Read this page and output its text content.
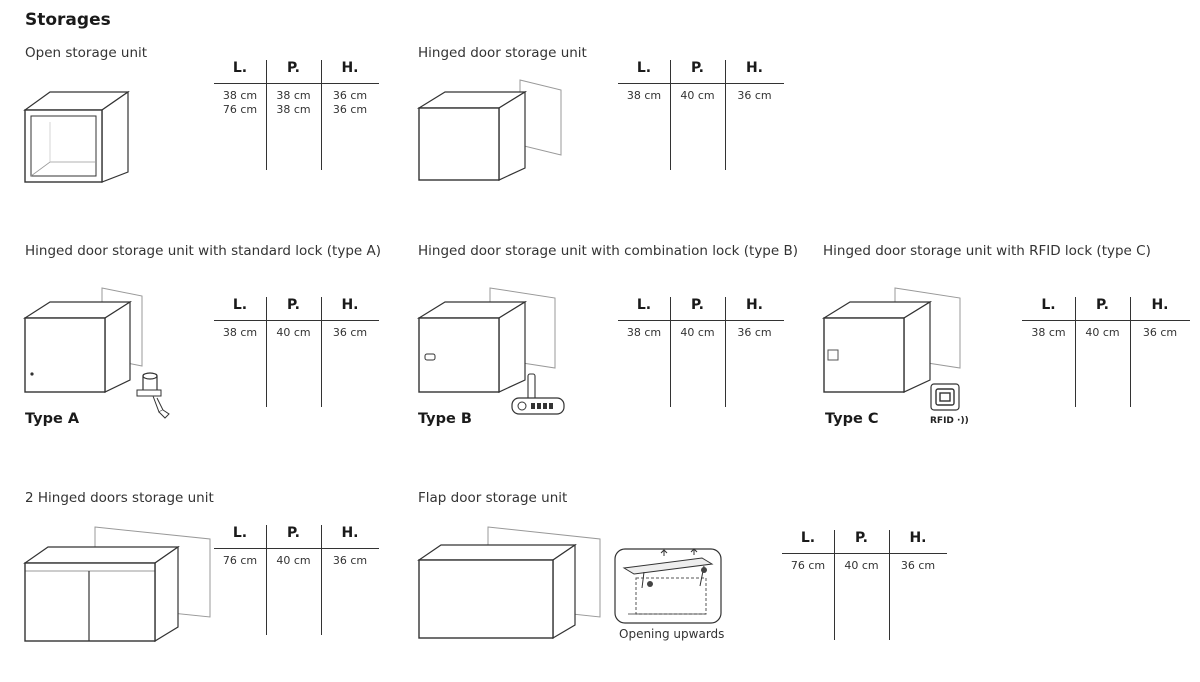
Storages
Open storage unit
L.	P.	H.
38 cm	38 cm	36 cm
76 cm	38 cm	36 cm
Hinged door storage unit
L.	P.	H.
38 cm	40 cm	36 cm
Hinged door storage unit with standard lock (type A)
Type A
L.	P.	H.
38 cm	40 cm	36 cm
Hinged door storage unit with combination lock (type B)
Type B
L.	P.	H.
38 cm	40 cm	36 cm
Hinged door storage unit with RFID lock (type C)
RFID ·))
Type C
L.	P.	H.
38 cm	40 cm	36 cm
2 Hinged doors storage unit
L.	P.	H.
76 cm	40 cm	36 cm
Flap door storage unit
Opening upwards
L.	P.	H.
76 cm	40 cm	36 cm
